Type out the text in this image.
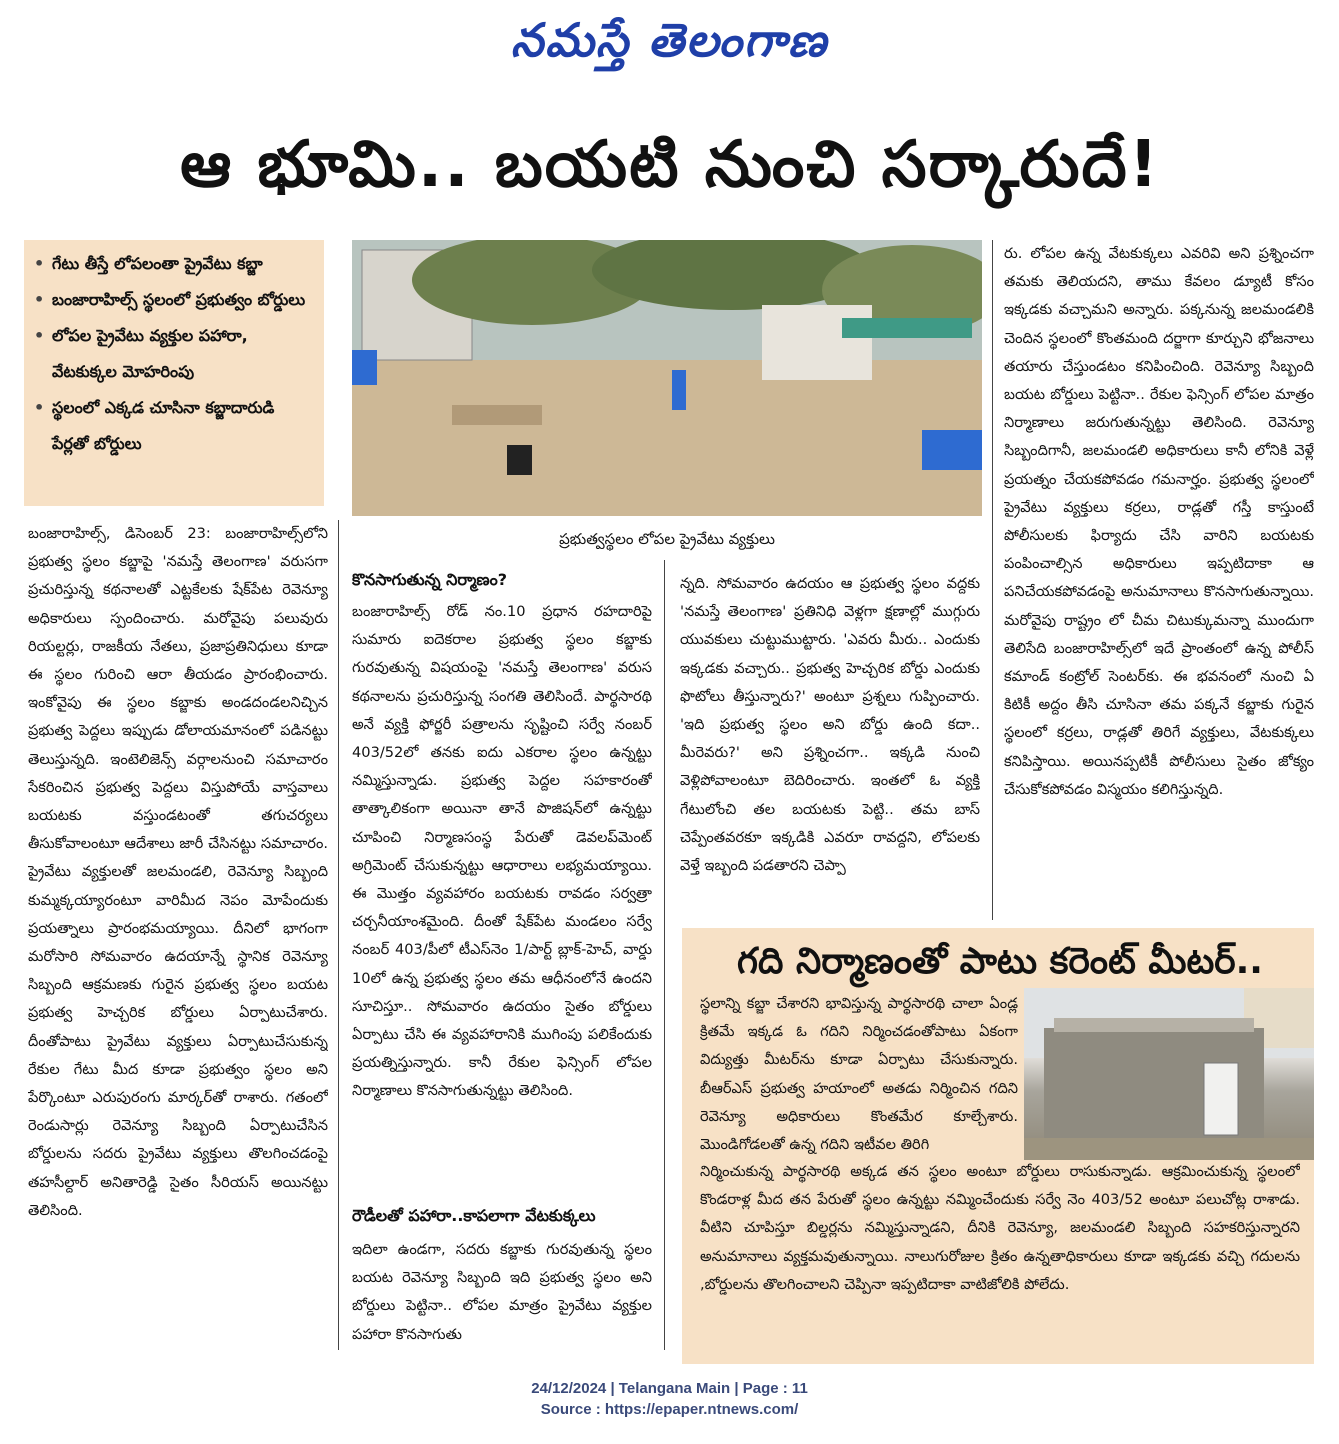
నమస్తే తెలంగాణ
ఆ భూమి.. బయటి నుంచి సర్కారుదే!
• గేటు తీస్తే లోపలంతా ప్రైవేటు కబ్జా
• బంజారాహిల్స్ స్థలంలో ప్రభుత్వం బోర్డులు
• లోపల ప్రైవేటు వ్యక్తుల పహారా, వేటకుక్కల మోహరింపు
• స్థలంలో ఎక్కడ చూసినా కబ్జాదారుడి పేర్లతో బోర్డులు
ప్రభుత్వస్థలం లోపల ప్రైవేటు వ్యక్తులు
బంజారాహిల్స్, డిసెంబర్ 23: బంజారాహిల్స్‌లోని ప్రభుత్వ స్థలం కబ్జాపై 'నమస్తే తెలంగాణ' వరుసగా ప్రచురిస్తున్న కథనాలతో ఎట్టకేలకు షేక్‌పేట రెవెన్యూ అధికారులు స్పందించారు. మరోవైపు పలువురు రియల్టర్లు, రాజకీయ నేతలు, ప్రజాప్రతినిధులు కూడా ఈ స్థలం గురించి ఆరా తీయడం ప్రారంభించారు. ఇంకోవైపు ఈ స్థలం కబ్జాకు అండదండలనిచ్చిన ప్రభుత్వ పెద్దలు ఇప్పుడు డోలాయమానంలో పడినట్టు తెలుస్తున్నది. ఇంటెలిజెన్స్ వర్గాలనుంచి సమాచారం సేకరించిన ప్రభుత్వ పెద్దలు విస్తుపోయే వాస్తవాలు బయటకు వస్తుండటంతో తగుచర్యలు తీసుకోవాలంటూ ఆదేశాలు జారీ చేసినట్టు సమాచారం. ప్రైవేటు వ్యక్తులతో జలమండలి, రెవెన్యూ సిబ్బంది కుమ్మక్కయ్యారంటూ వారిమీద నెపం మోపేందుకు ప్రయత్నాలు ప్రారంభమయ్యాయి. దీనిలో భాగంగా మరోసారి సోమవారం ఉదయాన్నే స్థానిక రెవెన్యూ సిబ్బంది ఆక్రమణకు గురైన ప్రభుత్వ స్థలం బయట ప్రభుత్వ హెచ్చరిక బోర్డులు ఏర్పాటుచేశారు. దీంతోపాటు ప్రైవేటు వ్యక్తులు ఏర్పాటుచేసుకున్న రేకుల గేటు మీద కూడా ప్రభుత్వం స్థలం అని పేర్కొంటూ ఎరుపురంగు మార్కర్‌తో రాశారు. గతంలో రెండుసార్లు రెవెన్యూ సిబ్బంది ఏర్పాటుచేసిన బోర్డులను సదరు ప్రైవేటు వ్యక్తులు తొలగించడంపై తహసీల్దార్ అనితారెడ్డి సైతం సీరియస్ అయినట్టు తెలిసింది.
కొనసాగుతున్న నిర్మాణం?
బంజారాహిల్స్ రోడ్ నం.10 ప్రధాన రహదారిపై సుమారు ఐదెకరాల ప్రభుత్వ స్థలం కబ్జాకు గురవుతున్న విషయంపై 'నమస్తే తెలంగాణ' వరుస కథనాలను ప్రచురిస్తున్న సంగతి తెలిసిందే. పార్థసారథి అనే వ్యక్తి ఫోర్జరీ పత్రాలను సృష్టించి సర్వే నంబర్ 403/52లో తనకు ఐదు ఎకరాల స్థలం ఉన్నట్టు నమ్మిస్తున్నాడు. ప్రభుత్వ పెద్దల సహకారంతో తాత్కాలికంగా అయినా తానే పొజిషన్‌లో ఉన్నట్టు చూపించి నిర్మాణసంస్థ పేరుతో డెవలప్‌మెంట్ అగ్రిమెంట్ చేసుకున్నట్టు ఆధారాలు లభ్యమయ్యాయి. ఈ మొత్తం వ్యవహారం బయటకు రావడం సర్వత్రా చర్చనీయాంశమైంది. దీంతో షేక్‌పేట మండలం సర్వే నంబర్ 403/పీలో టీఎస్‌నెం 1/పార్ట్ బ్లాక్-హెచ్, వార్డు 10లో ఉన్న ప్రభుత్వ స్థలం తమ ఆధీనంలోనే ఉందని సూచిస్తూ.. సోమవారం ఉదయం సైతం బోర్డులు ఏర్పాటు చేసి ఈ వ్యవహారానికి ముగింపు పలికేందుకు ప్రయత్నిస్తున్నారు. కానీ రేకుల ఫెన్సింగ్ లోపల నిర్మాణాలు కొనసాగుతున్నట్టు తెలిసింది.
రౌడీలతో పహారా..కాపలాగా వేటకుక్కలు
ఇదిలా ఉండగా, సదరు కబ్జాకు గురవుతున్న స్థలం బయట రెవెన్యూ సిబ్బంది ఇది ప్రభుత్వ స్థలం అని బోర్డులు పెట్టినా.. లోపల మాత్రం ప్రైవేటు వ్యక్తుల పహారా కొనసాగుతు
న్నది. సోమవారం ఉదయం ఆ ప్రభుత్వ స్థలం వద్దకు 'నమస్తే తెలంగాణ' ప్రతినిధి వెళ్లగా క్షణాల్లో ముగ్గురు యువకులు చుట్టుముట్టారు. 'ఎవరు మీరు.. ఎందుకు ఇక్కడకు వచ్చారు.. ప్రభుత్వ హెచ్చరిక బోర్డు ఎందుకు ఫొటోలు తీస్తున్నారు?' అంటూ ప్రశ్నలు గుప్పించారు. 'ఇది ప్రభుత్వ స్థలం అని బోర్డు ఉంది కదా.. మీరెవరు?' అని ప్రశ్నించగా.. ఇక్కడి నుంచి వెళ్లిపోవాలంటూ బెదిరించారు. ఇంతలో ఓ వ్యక్తి గేటులోంచి తల బయటకు పెట్టి.. తమ బాస్ చెప్పేంతవరకూ ఇక్కడికి ఎవరూ రావద్దని, లోపలకు వెళ్తే ఇబ్బంది పడతారని చెప్పా
రు. లోపల ఉన్న వేటకుక్కలు ఎవరివి అని ప్రశ్నించగా తమకు తెలియదని, తాము కేవలం డ్యూటీ కోసం ఇక్కడకు వచ్చామని అన్నారు. పక్కనున్న జలమండలికి చెందిన స్థలంలో కొంతమంది దర్జాగా కూర్చుని భోజనాలు తయారు చేస్తుండటం కనిపించింది. రెవెన్యూ సిబ్బంది బయట బోర్డులు పెట్టినా.. రేకుల ఫెన్సింగ్ లోపల మాత్రం నిర్మాణాలు జరుగుతున్నట్టు తెలిసింది. రెవెన్యూ సిబ్బందిగానీ, జలమండలి అధికారులు కానీ లోనికి వెళ్లే ప్రయత్నం చేయకపోవడం గమనార్హం. ప్రభుత్వ స్థలంలో ప్రైవేటు వ్యక్తులు కర్రలు, రాడ్లతో గస్తీ కాస్తుంటే పోలీసులకు ఫిర్యాదు చేసి వారిని బయటకు పంపించాల్సిన అధికారులు ఇప్పటిదాకా ఆ పనిచేయకపోవడంపై అనుమానాలు కొనసాగుతున్నాయి. మరోవైపు రాష్ట్రం లో చీమ చిటుక్కుమన్నా ముందుగా తెలిసేది బంజారాహిల్స్‌లో ఇదే ప్రాంతంలో ఉన్న పోలీస్ కమాండ్ కంట్రోల్ సెంటర్‌కు. ఈ భవనంలో నుంచి ఏ కిటికీ అద్దం తీసి చూసినా తమ పక్కనే కబ్జాకు గురైన స్థలంలో కర్రలు, రాడ్లతో తిరిగే వ్యక్తులు, వేటకుక్కలు కనిపిస్తాయి. అయినప్పటికీ పోలీసులు సైతం జోక్యం చేసుకోకపోవడం విస్మయం కలిగిస్తున్నది.
గది నిర్మాణంతో పాటు కరెంట్ మీటర్..
స్థలాన్ని కబ్జా చేశారని భావిస్తున్న పార్థసారథి చాలా ఏండ్ల క్రితమే ఇక్కడ ఓ గదిని నిర్మించడంతోపాటు ఏకంగా విద్యుత్తు మీటర్‌ను కూడా ఏర్పాటు చేసుకున్నారు. బీఆర్‌ఎస్ ప్రభుత్వ హయాంలో అతడు నిర్మించిన గదిని రెవెన్యూ అధికారులు కొంతమేర కూల్చేశారు. మొండిగోడలతో ఉన్న గదిని ఇటీవల తిరిగి
నిర్మించుకున్న పార్థసారథి అక్కడ తన స్థలం అంటూ బోర్డులు రాసుకున్నాడు. ఆక్రమించుకున్న స్థలంలో కొండరాళ్ల మీద తన పేరుతో స్థలం ఉన్నట్టు నమ్మించేందుకు సర్వే నెం 403/52 అంటూ పలుచోట్ల రాశాడు. వీటిని చూపిస్తూ బిల్డర్లను నమ్మిస్తున్నాడని, దీనికి రెవెన్యూ, జలమండలి సిబ్బంది సహకరిస్తున్నారని అనుమానాలు వ్యక్తమవుతున్నాయి. నాలుగురోజుల క్రితం ఉన్నతాధికారులు కూడా ఇక్కడకు వచ్చి గదులను ,బోర్డులను తొలగించాలని చెప్పినా ఇప్పటిదాకా వాటిజోలికి పోలేదు.
24/12/2024 | Telangana Main | Page : 11
Source : https://epaper.ntnews.com/
